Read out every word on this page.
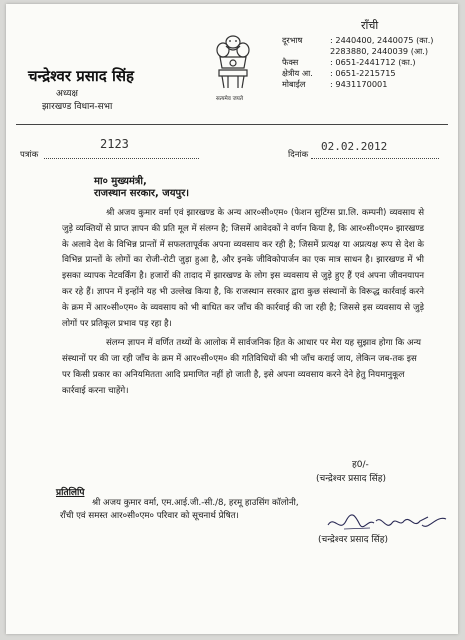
चन्द्रेश्वर प्रसाद सिंह
अध्यक्ष
झारखण्ड विधान-सभा
सत्यमेव जयते
राँची
दूरभाष	: 2440400, 2440075 (का.)
2283880, 2440039 (आ.)
फैक्स	: 0651-2441712 (का.)
क्षेत्रीय आ.	: 0651-2215715
मोबाईल	: 9431170001
पत्रांक
2123
दिनांक
02.02.2012
मा० मुख्यमंत्री,
राजस्थान सरकार, जयपुर।

श्री अजय कुमार वर्मा एवं झारखण्ड के अन्य आर०सी०एम० (फेशन सुटिंग्स प्रा.लि. कम्पनी) व्यवसाय से जुड़े व्यक्तियों से प्राप्त ज्ञापन की प्रति मूल में संलग्न है; जिसमें आवेदकों ने वर्णन किया है, कि आर०सी०एम० झारखण्ड के अलावे देश के विभिन्न प्रान्तों में सफलतापूर्वक अपना व्यवसाय कर रही है; जिसमें प्रत्यक्ष या अप्रत्यक्ष रूप से देश के विभिन्न प्रान्तों के लोगों का रोजी-रोटी जुड़ा हुआ है, और इनके जीविकोपार्जन का एक मात्र साधन है। झारखण्ड में भी इसका व्यापक नेटवर्किंग है। हजारों की तादाद में झारखण्ड के लोग इस व्यवसाय से जुड़े हुए हैं एवं अपना जीवनयापन कर रहे हैं। ज्ञापन में इन्होंने यह भी उल्लेख किया है, कि राजस्थान सरकार द्वारा कुछ संस्थानों के विरूद्ध कार्रवाई करने के क्रम में आर०सी०एम० के व्यवसाय को भी बाधित कर जाँच की कार्रवाई की जा रही है; जिससे इस व्यवसाय से जुड़े लोगों पर प्रतिकूल प्रभाव पड़ रहा है।

संलग्न ज्ञापन में वर्णित तथ्यों के आलोक में सार्वजनिक हित के आधार पर मेरा यह सुझाव होगा कि अन्य संस्थानों पर की जा रही जाँच के क्रम में आर०सी०एम० की गतिविधियों की भी जाँच कराई जाय, लेकिन जब-तक इस पर किसी प्रकार का अनियमितता आदि प्रमाणित नहीं हो जाती है, इसे अपना व्यवसाय करने देने हेतु नियमानुकूल कार्रवाई करना चाहेंगे।

ह0/-
(चन्द्रेश्वर प्रसाद सिंह)
प्रतिलिपि
श्री अजय कुमार वर्मा, एम.आई.जी.-सी./8, हरमू हाउसिंग कॉलोनी,
राँची एवं समस्त आर०सी०एम० परिवार को सूचनार्थ प्रेषित।
(चन्द्रेश्वर प्रसाद सिंह)
